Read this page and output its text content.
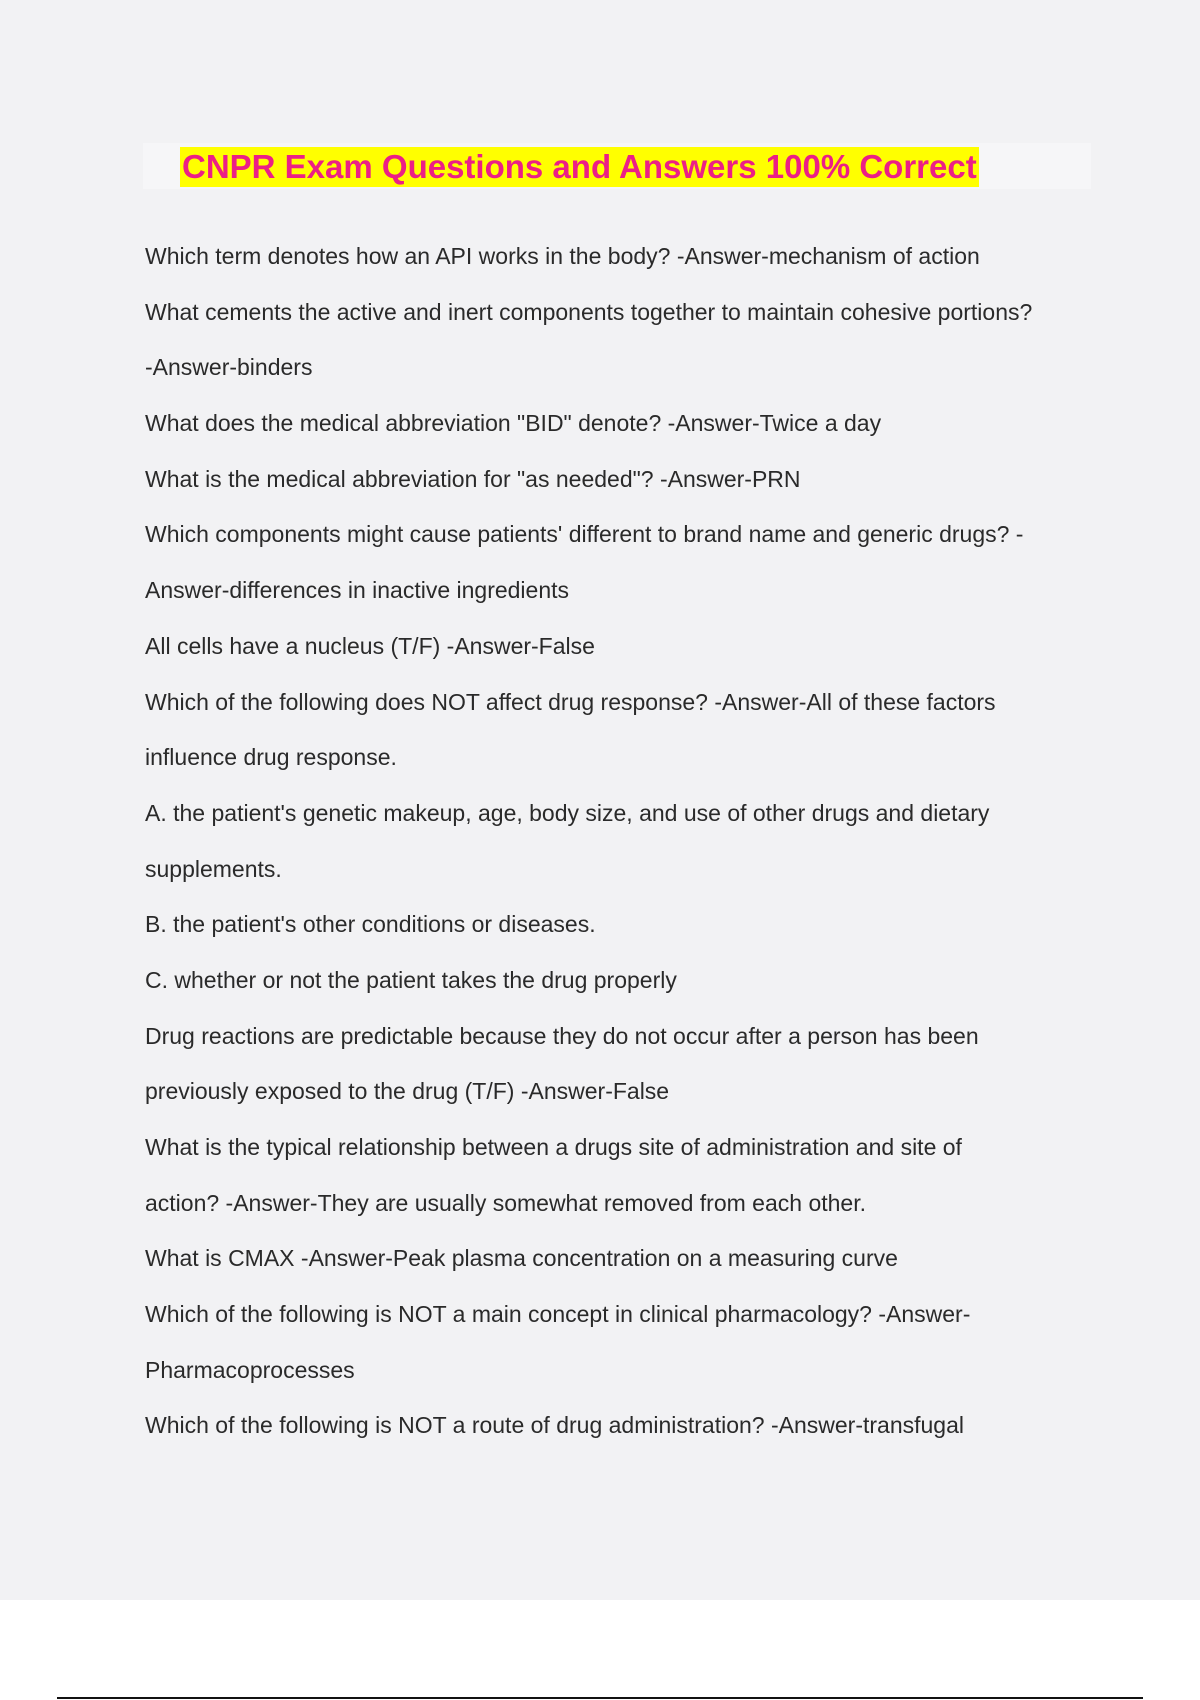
CNPR Exam Questions and Answers 100% Correct
Which term denotes how an API works in the body? -Answer-mechanism of action
What cements the active and inert components together to maintain cohesive portions?
-Answer-binders
What does the medical abbreviation "BID" denote? -Answer-Twice a day
What is the medical abbreviation for "as needed"? -Answer-PRN
Which components might cause patients' different to brand name and generic drugs? -
Answer-differences in inactive ingredients
All cells have a nucleus (T/F) -Answer-False
Which of the following does NOT affect drug response? -Answer-All of these factors
influence drug response.
A. the patient's genetic makeup, age, body size, and use of other drugs and dietary
supplements.
B. the patient's other conditions or diseases.
C. whether or not the patient takes the drug properly
Drug reactions are predictable because they do not occur after a person has been
previously exposed to the drug (T/F) -Answer-False
What is the typical relationship between a drugs site of administration and site of
action? -Answer-They are usually somewhat removed from each other.
What is CMAX -Answer-Peak plasma concentration on a measuring curve
Which of the following is NOT a main concept in clinical pharmacology? -Answer-
Pharmacoprocesses
Which of the following is NOT a route of drug administration? -Answer-transfugal
